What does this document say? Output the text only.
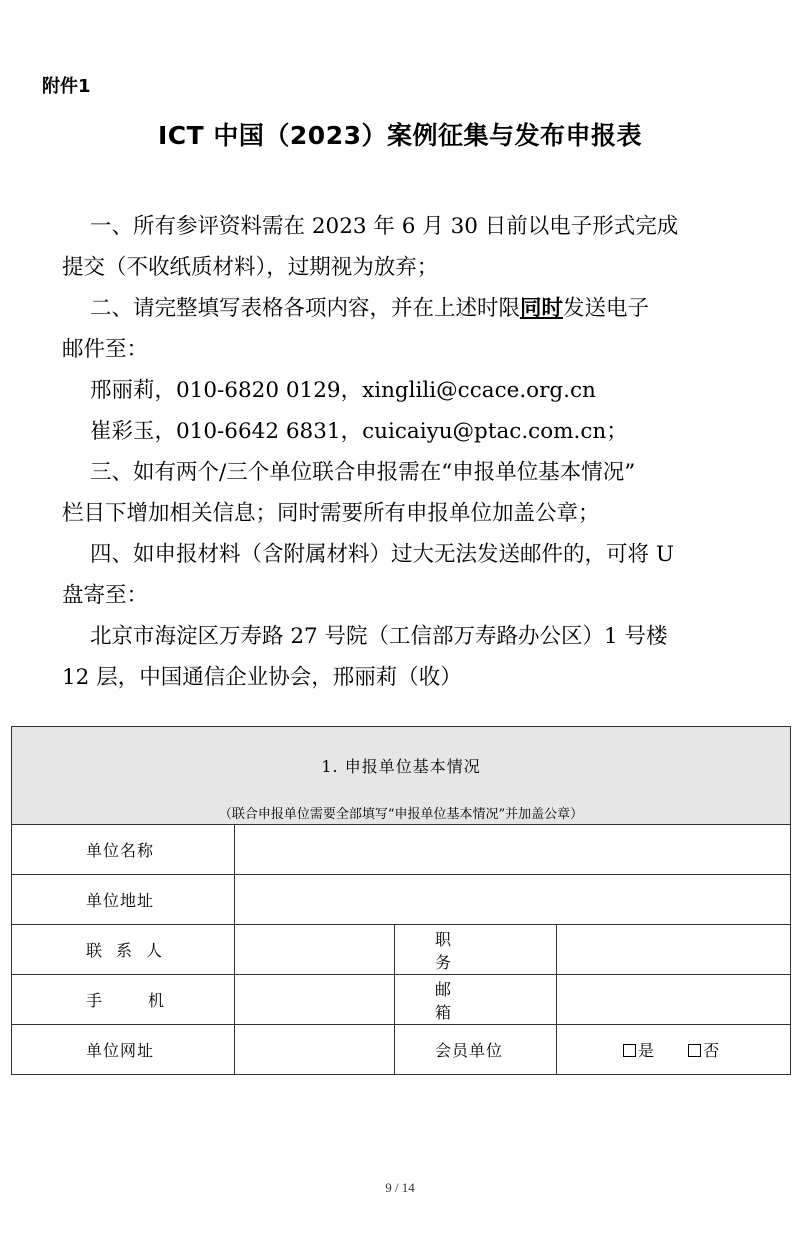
附件1
ICT 中国（2023）案例征集与发布申报表
一、所有参评资料需在 2023 年 6 月 30 日前以电子形式完成
提交（不收纸质材料），过期视为放弃；
二、请完整填写表格各项内容，并在上述时限同时发送电子
邮件至：
邢丽莉，010-6820 0129，xinglili@ccace.org.cn
崔彩玉，010-6642 6831，cuicaiyu@ptac.com.cn；
三、如有两个/三个单位联合申报需在“申报单位基本情况”
栏目下增加相关信息；同时需要所有申报单位加盖公章；
四、如申报材料（含附属材料）过大无法发送邮件的，可将 U
盘寄至：
北京市海淀区万寿路 27 号院（工信部万寿路办公区）1 号楼
12 层，中国通信企业协会，邢丽莉（收）
1. 申报单位基本情况
（联合申报单位需要全部填写“申报单位基本情况”并加盖公章）			

单位名称			
单位地址			
联系人		职务	
手机		邮箱	
单位网址		会员单位	是 否
9 / 14
